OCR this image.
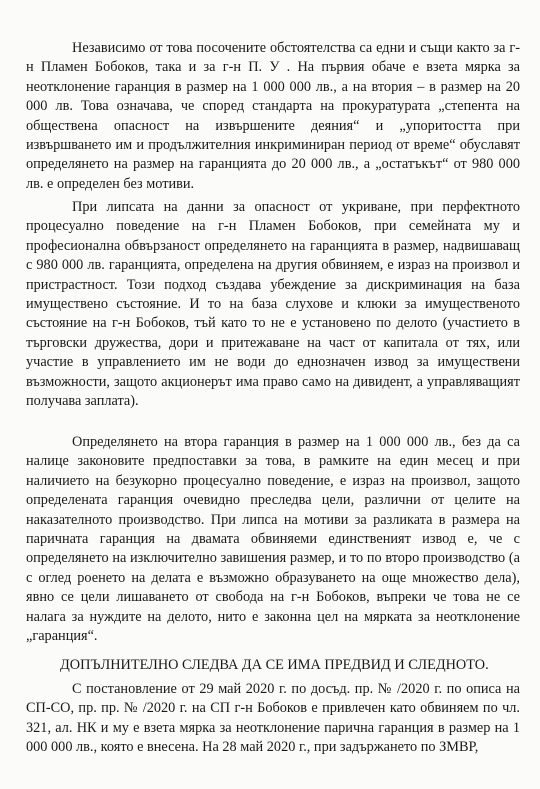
Независимо от това посочените обстоятелства са едни и същи както за г-н Пламен Бобоков, така и за г-н П. У . На първия обаче е взета мярка за неотклонение гаранция в размер на 1 000 000 лв., а на втория – в размер на 20 000 лв. Това означава, че според стандарта на прокуратурата „степента на обществена опасност на извършените деяния“ и „упоритостта при извършването им и продължителния инкриминиран период от време“ обуславят определянето на размер на гаранцията до 20 000 лв., а „остатъкът“ от 980 000 лв. е определен без мотиви.

При липсата на данни за опасност от укриване, при перфектното процесуално поведение на г-н Пламен Бобоков, при семейната му и професионална обвързаност определянето на гаранцията в размер, надвишаващ с 980 000 лв. гаранцията, определена на другия обвиняем, е израз на произвол и пристрастност. Този подход създава убеждение за дискриминация на база имуществено състояние. И то на база слухове и клюки за имущественото състояние на г-н Бобоков, тъй като то не е установено по делото (участието в търговски дружества, дори и притежаване на част от капитала от тях, или участие в управлението им не води до еднозначен извод за имуществени възможности, защото акционерът има право само на дивидент, а управляващият получава заплата).

Определянето на втора гаранция в размер на 1 000 000 лв., без да са налице законовите предпоставки за това, в рамките на един месец и при наличието на безукорно процесуално поведение, е израз на произвол, защото определената гаранция очевидно преследва цели, различни от целите на наказателното производство. При липса на мотиви за разликата в размера на паричната гаранция на двамата обвиняеми единственият извод е, че с определянето на изключително завишения размер, и то по второ производство (а с оглед роенето на делата е възможно образуването на още множество дела), явно се цели лишаването от свобода на г-н Бобоков, въпреки че това не се налага за нуждите на делото, нито е законна цел на мярката за неотклонение „гаранция“.

ДОПЪЛНИТЕЛНО СЛЕДВА ДА СЕ ИМА ПРЕДВИД И СЛЕДНОТО.

С постановление от 29 май 2020 г. по досъд. пр. № /2020 г. по описа на СП-СО, пр. пр. № /2020 г. на СП г-н Бобоков е привлечен като обвиняем по чл. 321, ал. НК и му е взета мярка за неотклонение парична гаранция в размер на 1 000 000 лв., която е внесена. На 28 май 2020 г., при задържането по ЗМВР,
